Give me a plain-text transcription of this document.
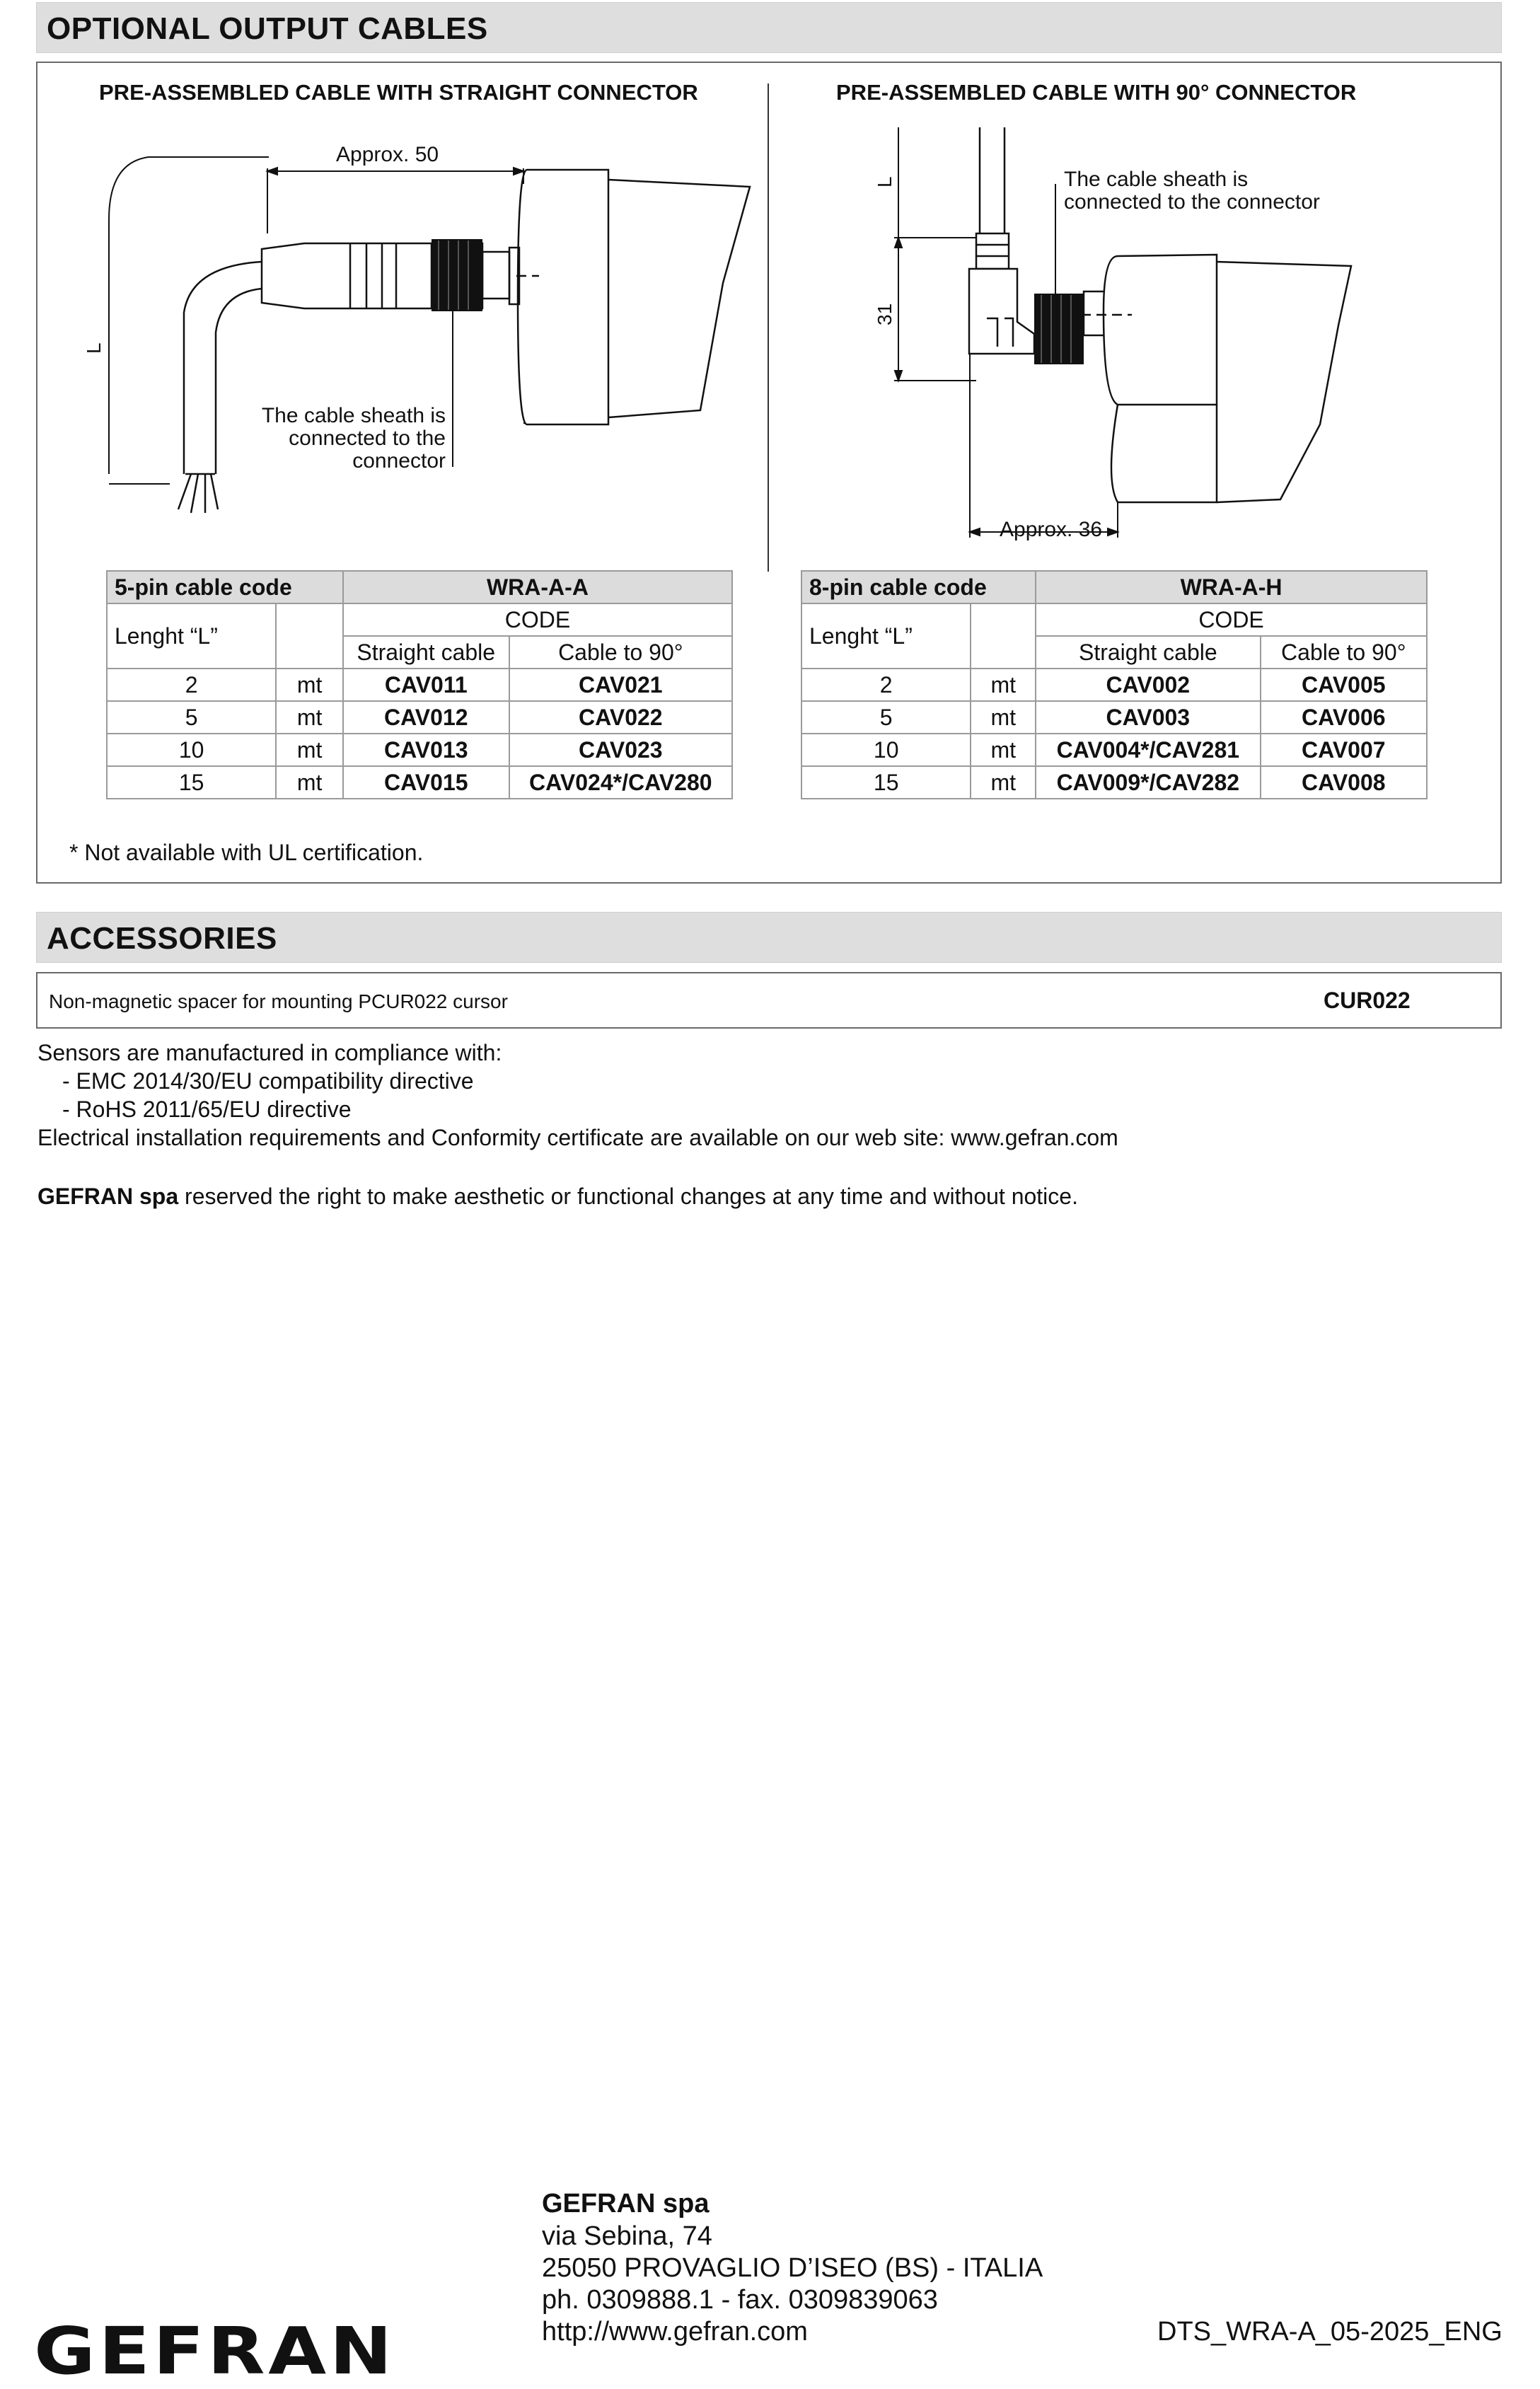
OPTIONAL OUTPUT CABLES
PRE-ASSEMBLED CABLE WITH STRAIGHT CONNECTOR	PRE-ASSEMBLED CABLE WITH 90° CONNECTOR
Approx. 50
L
The cable sheath is
connected to the
connector
L
31
Approx. 36
The cable sheath is
connected to the connector
5-pin cable code		WRA-A-A	
Lenght “L”		CODE	
		Straight cable	Cable to 90°
2	mt	CAV011	CAV021
5	mt	CAV012	CAV022
10	mt	CAV013	CAV023
15	mt	CAV015	CAV024*/CAV280
8-pin cable code		WRA-A-H	
Lenght “L”		CODE	
		Straight cable	Cable to 90°
2	mt	CAV002	CAV005
5	mt	CAV003	CAV006
10	mt	CAV004*/CAV281	CAV007
15	mt	CAV009*/CAV282	CAV008
* Not available with UL certification.
ACCESSORIES
Non-magnetic spacer for mounting PCUR022 cursor	CUR022
Sensors are manufactured in compliance with:
- EMC 2014/30/EU compatibility directive
- RoHS 2011/65/EU directive
Electrical installation requirements and Conformity certificate are available on our web site: www.gefran.com
GEFRAN spa reserved the right to make aesthetic or functional changes at any time and without notice.
GEFRAN
GEFRAN spa
via Sebina, 74
25050 PROVAGLIO D’ISEO (BS) - ITALIA
ph. 0309888.1 - fax. 0309839063
http://www.gefran.com	DTS_WRA-A_05-2025_ENG
